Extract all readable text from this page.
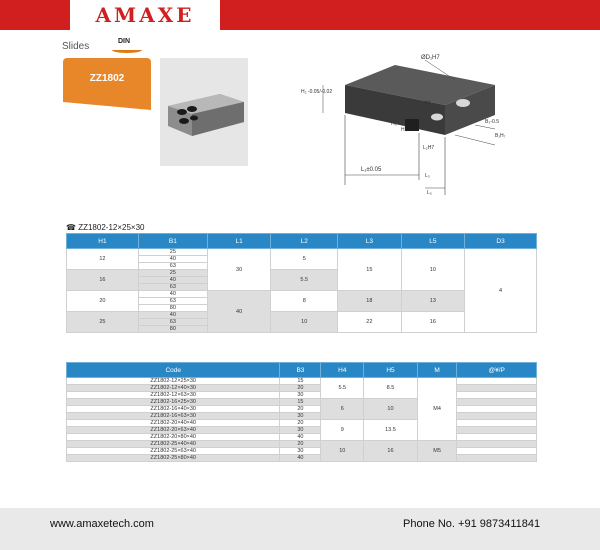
AMAXE
Slides	DIN
ZZ1802
ØD₁H7
H₂ -0.05/-0.02
M
H₅
H₄
L₂H7
B₃-0.5
B₁H₇
L₁±0.05
L₃
L₅
☎ ZZ1802-12×25×30
H1	B1	L1	L2	L3	L5	D3
12	25	30	5	15	10	4
	40					
	63					
16	25		5.5			
	40					
	63					
20	40	40	8	18	13	
	63					
	80					
25	40		10	22	16	
	63					
	80					
Code	B3	H4	H5	M	@¥/P
ZZ1802-12×25×30	15	5.5	8.5	M4	
ZZ1802-12×40×30	20				
ZZ1802-12×63×30	30				
ZZ1802-16×25×30	15	6	10		
ZZ1802-16×40×30	20				
ZZ1802-16×63×30	30				
ZZ1802-20×40×40	20	9	13.5		
ZZ1802-20×63×40	30				
ZZ1802-20×80×40	40				
ZZ1802-25×40×40	20	10	16	M5	
ZZ1802-25×63×40	30				
ZZ1802-25×80×40	40				
www.amaxetech.com	Phone No. +91 9873411841
